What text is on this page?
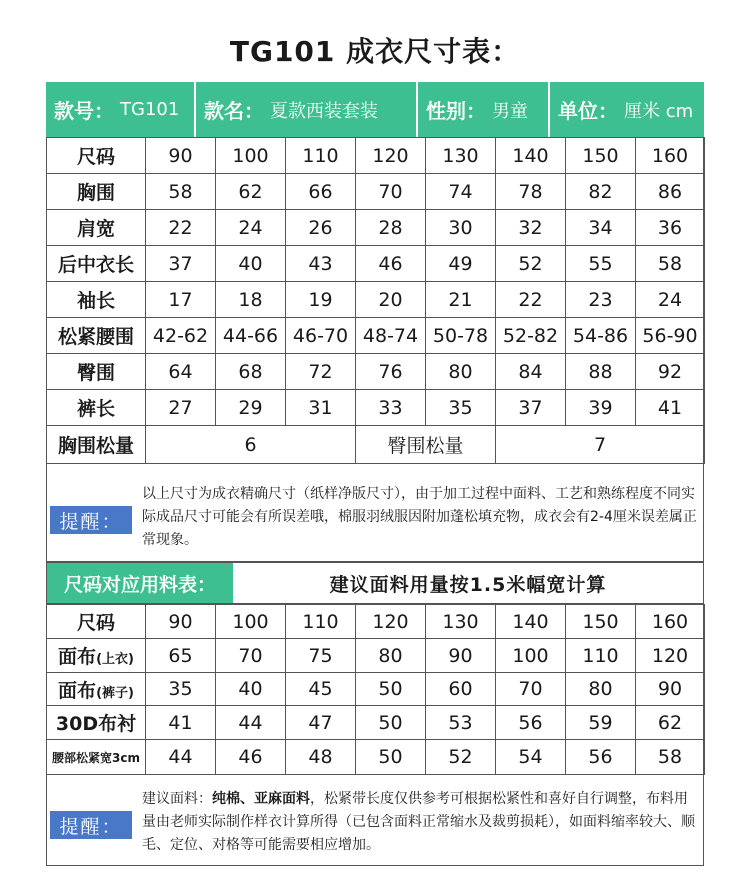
TG101 成衣尺寸表：
款号： TG101 款名： 夏款西装套装 性别： 男童 单位： 厘米 cm
尺码	90	100	110	120	130	140	150	160
胸围	58	62	66	70	74	78	82	86
肩宽	22	24	26	28	30	32	34	36
后中衣长	37	40	43	46	49	52	55	58
袖长	17	18	19	20	21	22	23	24
松紧腰围	42-62	44-66	46-70	48-74	50-78	52-82	54-86	56-90
臀围	64	68	72	76	80	84	88	92
裤长	27	29	31	33	35	37	39	41
胸围松量	6			臀围松量		7		
提醒：
以上尺寸为成衣精确尺寸（纸样净版尺寸），由于加工过程中面料、工艺和熟练程度不同实际成品尺寸可能会有所误差哦，棉服羽绒服因附加蓬松填充物，成衣会有2-4厘米误差属正常现象。
尺码对应用料表：	建议面料用量按1.5米幅宽计算
尺码	90	100	110	120	130	140	150	160
面布(上衣)	65	70	75	80	90	100	110	120
面布(裤子)	35	40	45	50	60	70	80	90
30D布衬	41	44	47	50	53	56	59	62
腰部松紧宽3cm	44	46	48	50	52	54	56	58
提醒：
建议面料：纯棉、亚麻面料，松紧带长度仅供参考可根据松紧性和喜好自行调整，布料用量由老师实际制作样衣计算所得（已包含面料正常缩水及裁剪损耗），如面料缩率较大、顺毛、定位、对格等可能需要相应增加。
